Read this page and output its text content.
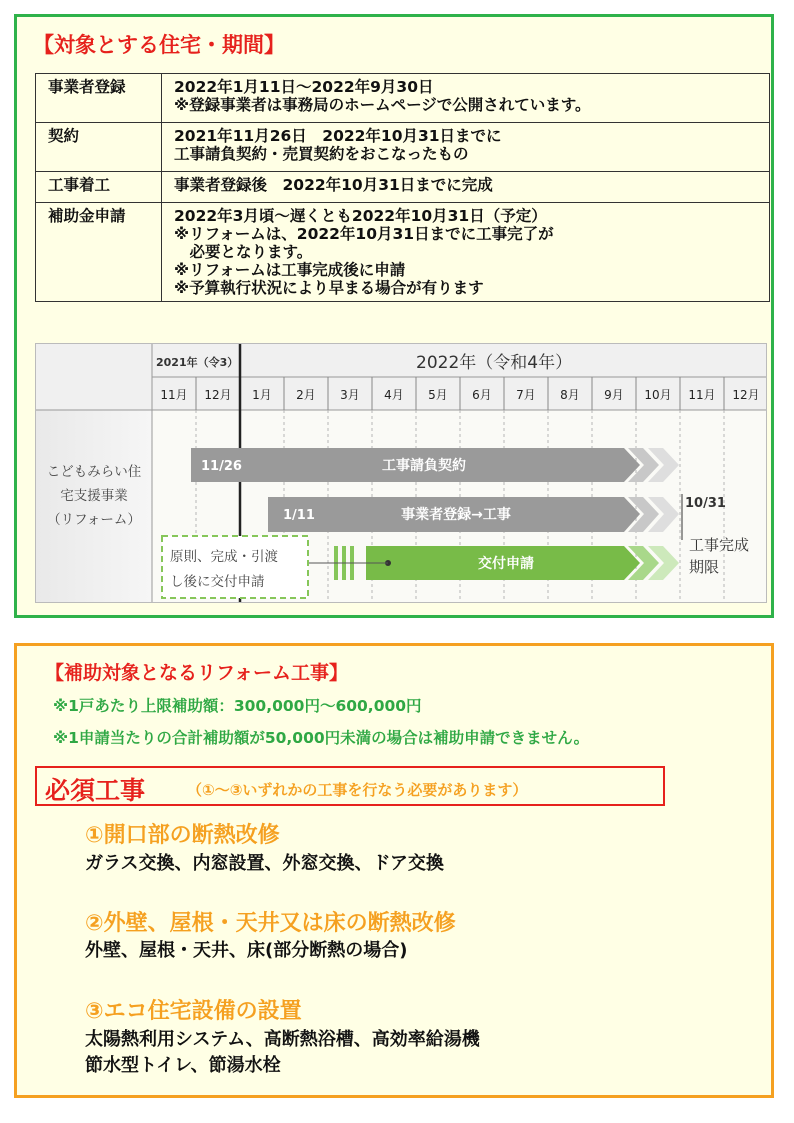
【対象とする住宅・期間】
事業者登録	2022年1月11日～2022年9月30日
※登録事業者は事務局のホームページで公開されています。

契約	2021年11月26日　2022年10月31日までに
工事請負契約・売買契約をおこなったもの

工事着工	事業者登録後　2022年10月31日までに完成

補助金申請	2022年3月頃～遅くとも2022年10月31日（予定）
※リフォームは、2022年10月31日までに工事完了が
　必要となります。
※リフォームは工事完成後に申請
※予算執行状況により早まる場合が有ります
2021年（令3）	2022年（令和4年）
11月 12月 1月 2月 3月 4月 5月 6月 7月 8月 9月 10月 11月 12月
こどもみらい住
宅支援事業
（リフォーム）
11/26	工事請負契約
1/11	事業者登録→工事
交付申請
10/31
工事完成
期限
原則、完成・引渡
し後に交付申請
【補助対象となるリフォーム工事】
※1戸あたり上限補助額：300,000円～600,000円
※1申請当たりの合計補助額が50,000円未満の場合は補助申請できません。
必須工事	（①～③いずれかの工事を行なう必要があります）
①開口部の断熱改修
ガラス交換、内窓設置、外窓交換、ドア交換
②外壁、屋根・天井又は床の断熱改修
外壁、屋根・天井、床(部分断熱の場合)
③エコ住宅設備の設置
太陽熱利用システム、高断熱浴槽、高効率給湯機
節水型トイレ、節湯水栓
